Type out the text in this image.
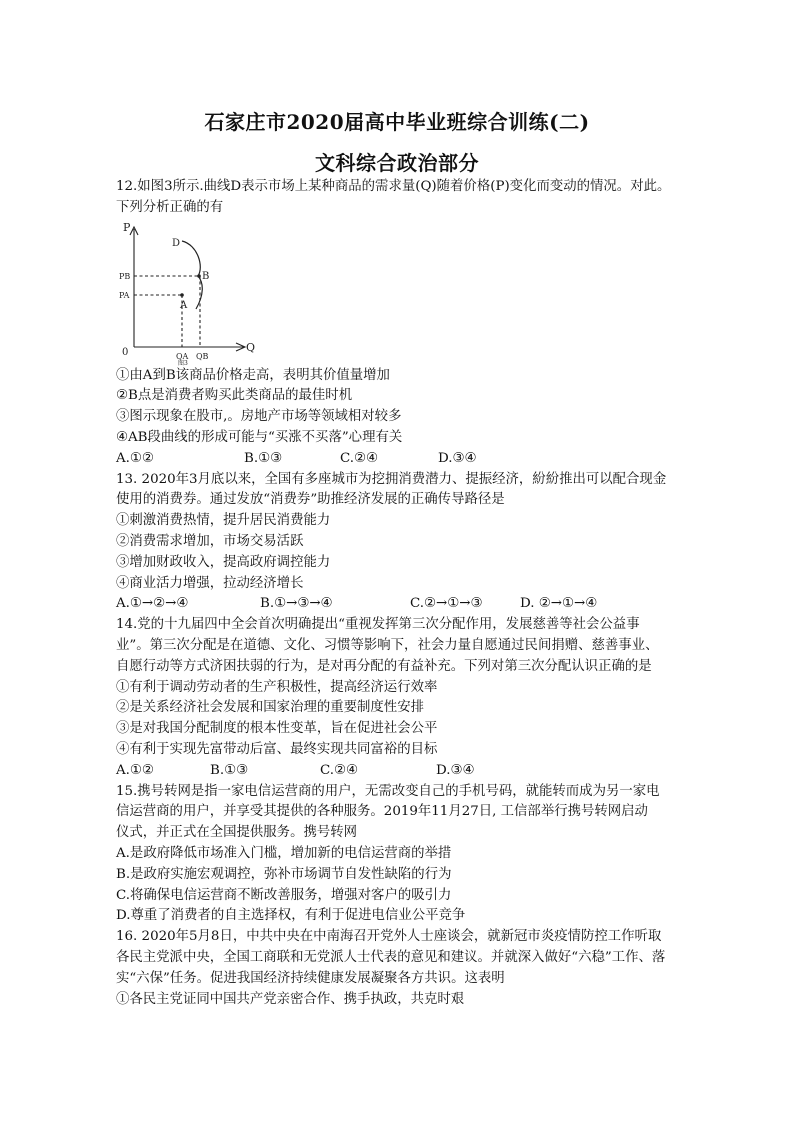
石家庄市2020届高中毕业班综合训练(二)
文科综合政治部分
12.如图3所示.曲线D表示市场上某种商品的需求量(Q)随着价格(P)变化而变动的情况。对此。
下列分析正确的有
P
Q
0
PB
PA
QA QB
D
A
B
图3
①由A到B该商品价格走高，表明其价值量增加
②B点是消费者购买此类商品的最佳时机
③图示现象在股市,。房地产市场等领域相对较多
④AB段曲线的形成可能与“买涨不买落”心理有关
A.①②	B.①③	C.②④	D.③④
13. 2020年3月底以来，全国有多座城市为挖拥消费潜力、提振经济，紛紛推出可以配合现金
使用的消费券。通过发放“消费券”助推经济发展的正确传导路径是
①刺激消费热情，提升居民消费能力
②消费需求增加，市场交易活跃
③增加财政收入，提高政府调控能力
④商业活力增强，拉动经济增长
A.①→②→④	B.①→③→④	C.②→①→③	D. ②→①→④
14.党的十九届四中全会首次明确提出“重视发挥第三次分配作用，发展慈善等社会公益事
业”。第三次分配是在道德、文化、习惯等影响下，社会力量自愿通过民间捐赠、慈善事业、
自愿行动等方式济困扶弱的行为，是对再分配的有益补充。下列对第三次分配认识正确的是
①有利于调动劳动者的生产积极性，提高经济运行效率
②是关系经济社会发展和国家治理的重要制度性安排
③是对我国分配制度的根本性变革，旨在促进社会公平
④有利于实现先富带动后富、最终实现共同富裕的目标
A.①②	B.①③	C.②④	D.③④
15.携号转网是指一家电信运营商的用户，无需改变自己的手机号码，就能转而成为另一家电
信运营商的用户，并享受其提供的各种服务。2019年11月27日, 工信部举行携号转网启动
仪式，并正式在全国提供服务。携号转网
A.是政府降低市场准入门槛，增加新的电信运营商的举措
B.是政府实施宏观调控，弥补市场调节自发性缺陷的行为
C.将确保电信运营商不断改善服务，增强对客户的吸引力
D.尊重了消费者的自主选择权，有利于促进电信业公平竞争
16. 2020年5月8日，中共中央在中南海召开党外人士座谈会，就新冠市炎疫情防控工作听取
各民主党派中央，全国工商联和无党派人士代表的意见和建议。并就深入做好“六稳”工作、落
实“六保”任务。促进我国经济持续健康发展凝聚各方共识。这表明
①各民主党证同中国共产党亲密合作、携手执政，共克时艰
